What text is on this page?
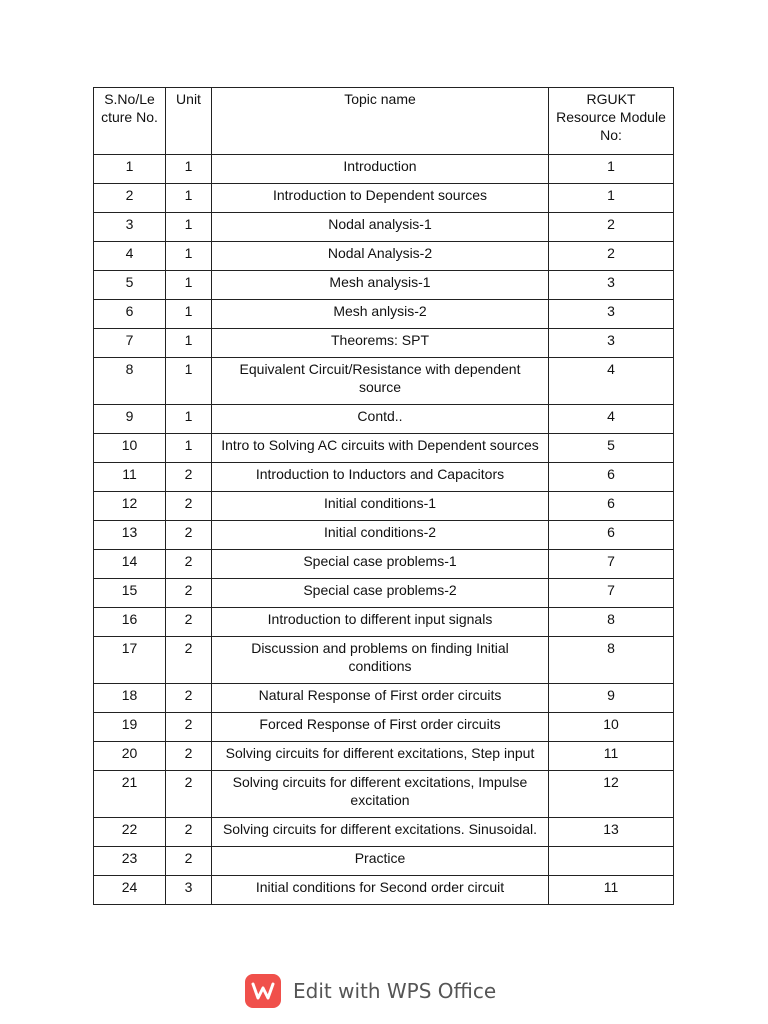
S.No/Le cture No.	Unit	Topic name	RGUKT Resource Module No:
1	1	Introduction	1
2	1	Introduction to Dependent sources	1
3	1	Nodal analysis-1	2
4	1	Nodal Analysis-2	2
5	1	Mesh analysis-1	3
6	1	Mesh anlysis-2	3
7	1	Theorems: SPT	3
8	1	Equivalent Circuit/Resistance with dependent source	4
9	1	Contd..	4
10	1	Intro to Solving AC circuits with Dependent sources	5
11	2	Introduction to Inductors and Capacitors	6
12	2	Initial conditions-1	6
13	2	Initial conditions-2	6
14	2	Special case problems-1	7
15	2	Special case problems-2	7
16	2	Introduction to different input signals	8
17	2	Discussion and problems on finding Initial conditions	8
18	2	Natural Response of First order circuits	9
19	2	Forced Response of First order circuits	10
20	2	Solving circuits for different excitations, Step input	11
21	2	Solving circuits for different excitations, Impulse excitation	12
22	2	Solving circuits for different excitations. Sinusoidal.	13
23	2	Practice	
24	3	Initial conditions for Second order circuit	11
Edit with WPS Office
